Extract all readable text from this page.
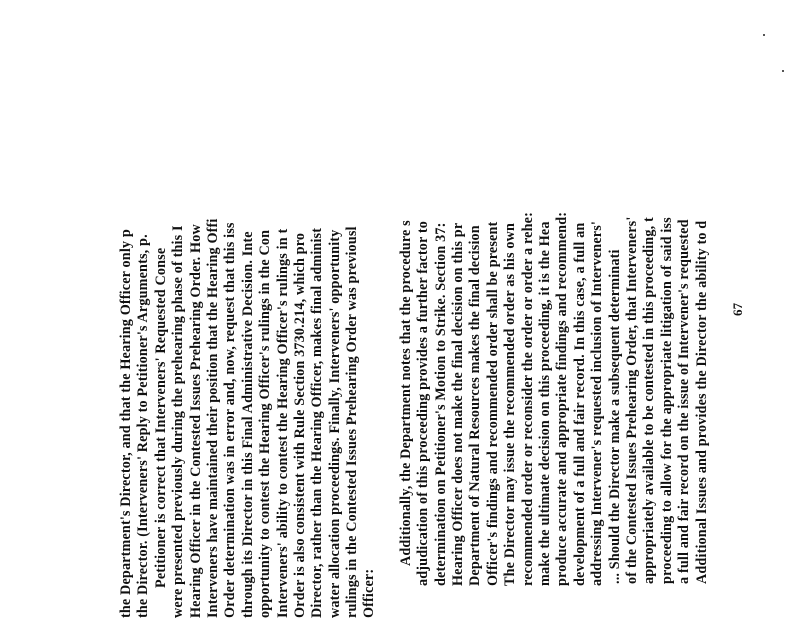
the Department's Director, and that the Hearing Officer only p the Director. (Interveners' Reply to Petitioner's Arguments, p. Petitioner is correct that Interveners' Requested Conse were presented previously during the prehearing phase of this I Hearing Officer in the Contested Issues Prehearing Order. How Interveners have maintained their position that the Hearing Offi Order determination was in error and, now, request that this iss through its Director in this Final Administrative Decision. Inte opportunity to contest the Hearing Officer's rulings in the Con Interveners' ability to contest the Hearing Officer's rulings in t Order is also consistent with Rule Section 3730.214, which pro Director, rather than the Hearing Officer, makes final administ water allocation proceedings. Finally, Interveners' opportunity rulings in the Contested Issues Prehearing Order was previousl Officer:
Additionally, the Department notes that the procedure s adjudication of this proceeding provides a further factor to determination on Petitioner's Motion to Strike. Section 37: Hearing Officer does not make the final decision on this pr Department of Natural Resources makes the final decision Officer's findings and recommended order shall be present The Director may issue the recommended order as his own recommended order or reconsider the order or order a rehe: make the ultimate decision on this proceeding, it is the Hea produce accurate and appropriate findings and recommend: development of a full and fair record. In this case, a full an addressing Intervener's requested inclusion of Interveners' ... Should the Director make a subsequent determinati of the Contested Issues Prehearing Order, that Interveners' appropriately available to be contested in this proceeding, t proceeding to allow for the appropriate litigation of said iss a full and fair record on the issue of Intervener's requested Additional Issues and provides the Director the ability to d 67
